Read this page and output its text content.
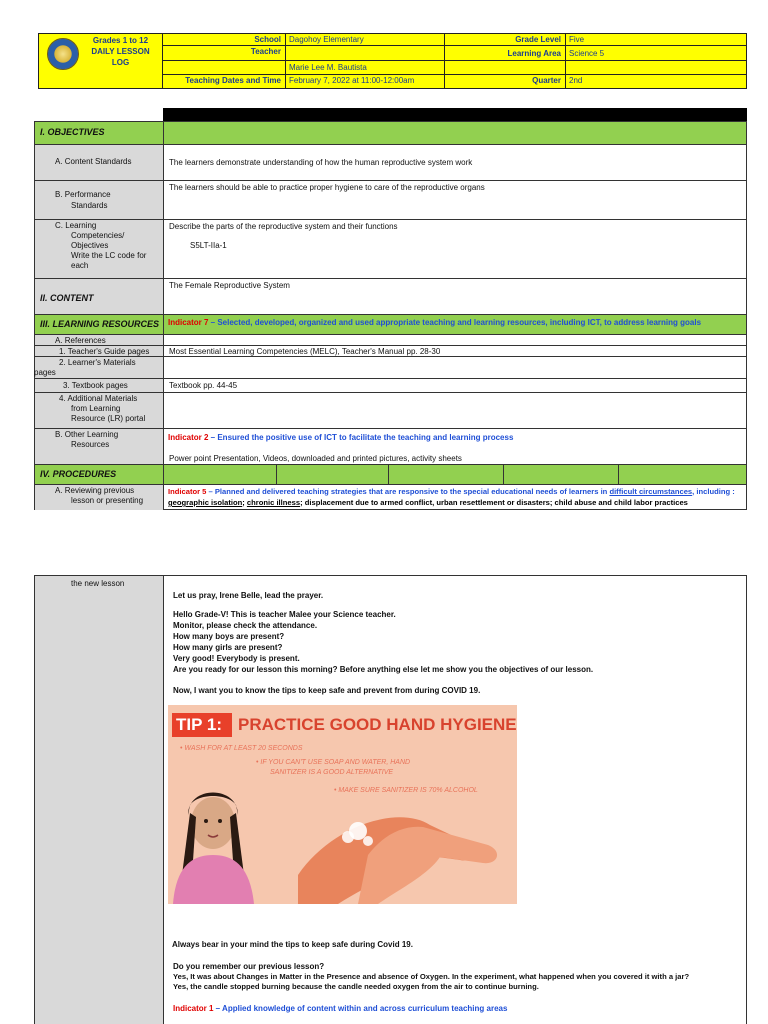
Grades 1 to 12
DAILY LESSON
LOG
School Dagohoy Elementary
Teacher
Marie Lee M. Bautista
Teaching Dates and Time February 7, 2022 at 11:00-12:00am
Grade Level Five
Learning Area Science 5
Quarter 2nd
I. OBJECTIVES
A. Content Standards	The learners demonstrate understanding of how the human reproductive system work
B. Performance
Standards
The learners should be able to practice proper hygiene to care of the reproductive organs
C. Learning
Competencies/
Objectives
Write the LC code for
each
Describe the parts of the reproductive system and their functions
S5LT-IIa-1
II. CONTENT
The Female Reproductive System
III. LEARNING RESOURCES Indicator 7 – Selected, developed, organized and used appropriate teaching and learning resources, including ICT, to address learning goals
A. References
1. Teacher's Guide pages Most Essential Learning Competencies (MELC), Teacher's Manual pp. 28-30
2. Learner's Materials
pages
3. Textbook pages	Textbook pp. 44-45
4. Additional Materials
from Learning
Resource (LR) portal
B. Other Learning
Resources
Indicator 2 – Ensured the positive use of ICT to facilitate the teaching and learning process
Power point Presentation, Videos, downloaded and printed pictures, activity sheets
IV. PROCEDURES
A. Reviewing previous
lesson or presenting
Indicator 5 – Planned and delivered teaching strategies that are responsive to the special educational needs of learners in difficult circumstances, including :
geographic isolation; chronic illness; displacement due to armed conflict, urban resettlement or disasters; child abuse and child labor practices
the new lesson
Let us pray, Irene Belle, lead the prayer.
Hello Grade-V! This is teacher Malee your Science teacher.
Monitor, please check the attendance.
How many boys are present?
How many girls are present?
Very good! Everybody is present.
Are you ready for our lesson this morning? Before anything else let me show you the objectives of our lesson.
Now, I want you to know the tips to keep safe and prevent from during COVID 19.
TIP 1: PRACTICE GOOD HAND HYGIENE
• WASH FOR AT LEAST 20 SECONDS
• IF YOU CAN'T USE SOAP AND WATER, HAND
SANITIZER IS A GOOD ALTERNATIVE
• MAKE SURE SANITIZER IS 70% ALCOHOL
Always bear in your mind the tips to keep safe during Covid 19.
Do you remember our previous lesson?
Yes, It was about Changes in Matter in the Presence and absence of Oxygen. In the experiment, what happened when you covered it with a jar?
Yes, the candle stopped burning because the candle needed oxygen from the air to continue burning.
Indicator 1 – Applied knowledge of content within and across curriculum teaching areas
